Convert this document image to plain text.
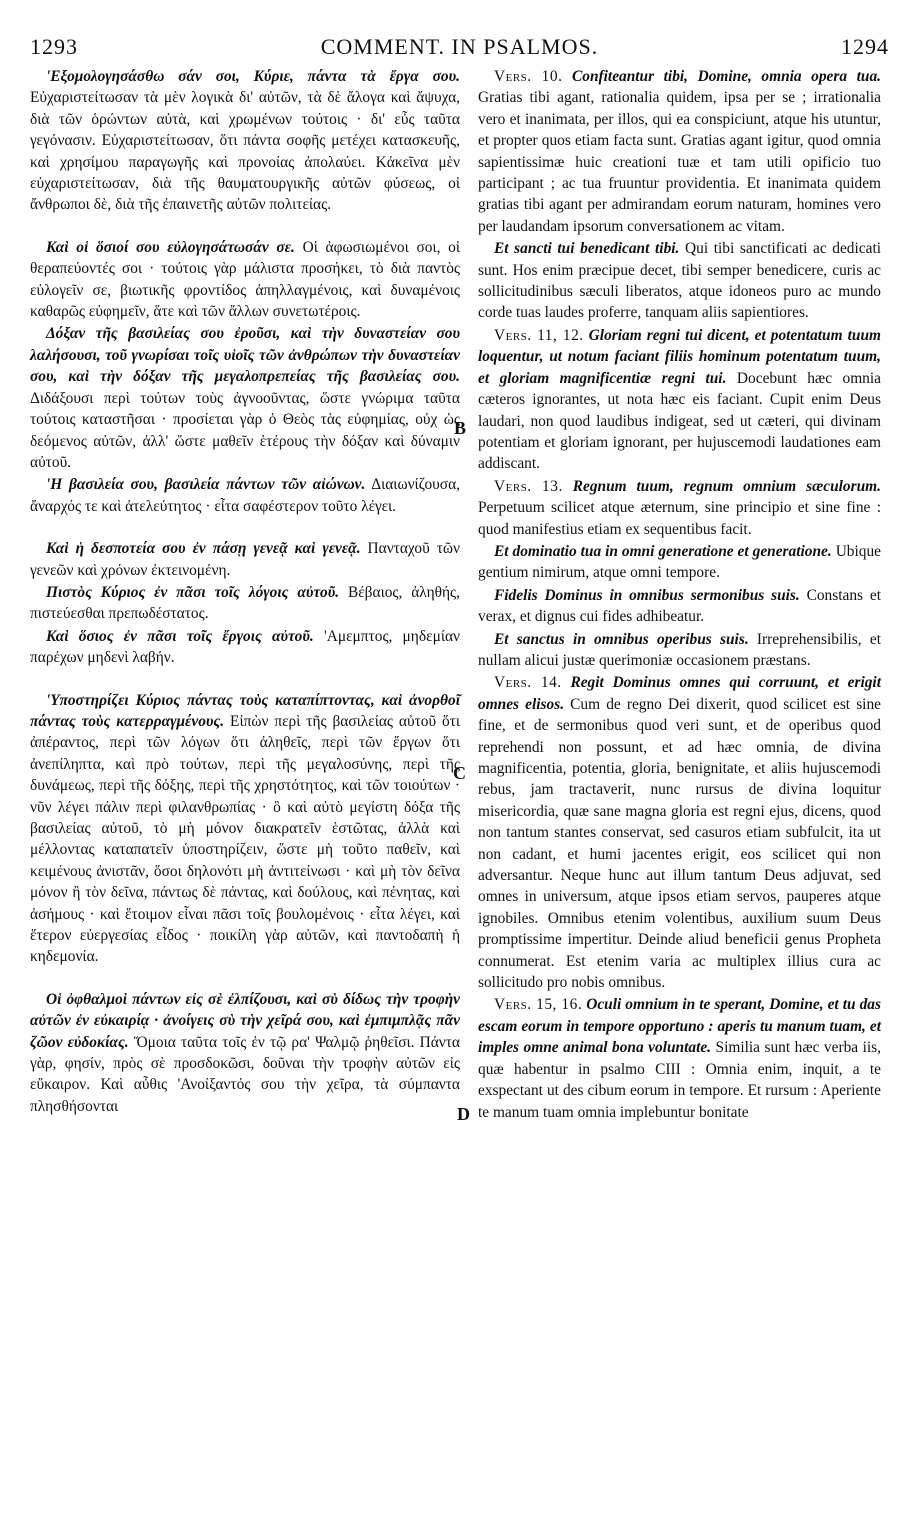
1293	COMMENT. IN PSALMOS.	1294

'Εξομολογησάσθω σάν σοι, Κύριε, πάντα τὰ ἔργα σου. Εὐχαριστείτωσαν τὰ μὲν λογικὰ δι' αὐτῶν, τὰ δὲ ἄλογα καὶ ἄψυχα, διὰ τῶν ὁρώντων αὐτὰ, καὶ χρωμένων τούτοις · δι' εὖς ταῦτα γεγόνασιν. Εὐχαριστείτωσαν, ὅτι πάντα σοφῆς μετέχει κατασκευῆς, καὶ χρησίμου παραγωγῆς καὶ προνοίας ἀπολαύει. Κἀκεῖνα μὲν εὐχαριστείτωσαν, διὰ τῆς θαυματουργικῆς αὐτῶν φύσεως, οἱ ἄνθρωποι δὲ, διὰ τῆς ἐπαινετῆς αὐτῶν πολιτείας.

Καὶ οἱ ὅσιοί σου εὐλογησάτωσάν σε. Οἱ ἀφωσιωμένοι σοι, οἱ θεραπεύοντές σοι · τούτοις γὰρ μάλιστα προσήκει, τὸ διὰ παντὸς εὐλογεῖν σε, βιωτικῆς φροντίδος ἀπηλλαγμένοις, καὶ δυναμένοις καθαρῶς εὐφημεῖν, ἅτε καὶ τῶν ἄλλων συνετωτέροις.

Δόξαν τῆς βασιλείας σου ἐροῦσι, καὶ τὴν δυναστείαν σου λαλήσουσι, τοῦ γνωρίσαι τοῖς υἱοῖς τῶν ἀνθρώπων τὴν δυναστείαν σου, καὶ τὴν δόξαν τῆς μεγαλοπρεπείας τῆς βασιλείας σου. Διδάξουσι περὶ τούτων τοὺς ἀγνοοῦντας, ὥστε γνώριμα ταῦτα τούτοις καταστῆσαι · προσίεται γὰρ ὁ Θεὸς τὰς εὐφημίας, οὐχ ὡς δεόμενος αὐτῶν, ἀλλ' ὥστε μαθεῖν ἑτέρους τὴν δόξαν καὶ δύναμιν αὐτοῦ.

'Η βασιλεία σου, βασιλεία πάντων τῶν αἰώνων. Διαιωνίζουσα, ἄναρχός τε καὶ ἀτελεύτητος · εἶτα σαφέστερον τοῦτο λέγει.

Καὶ ἡ δεσποτεία σου ἐν πάσῃ γενεᾷ καὶ γενεᾷ. Πανταχοῦ τῶν γενεῶν καὶ χρόνων ἐκτεινομένη.

Πιστὸς Κύριος ἐν πᾶσι τοῖς λόγοις αὐτοῦ. Βέβαιος, ἀληθής, πιστεύεσθαι πρεπωδέστατος.

Καὶ ὅσιος ἐν πᾶσι τοῖς ἔργοις αὐτοῦ. 'Αμεμπτος, μηδεμίαν παρέχων μηδενὶ λαβήν.

'Υποστηρίζει Κύριος πάντας τοὺς καταπίπτοντας, καὶ ἀνορθοῖ πάντας τοὺς κατερραγμένους. Εἰπὼν περὶ τῆς βασιλείας αὐτοῦ ὅτι ἀπέραντος, περὶ τῶν λόγων ὅτι ἀληθεῖς, περὶ τῶν ἔργων ὅτι ἀνεπίληπτα, καὶ πρὸ τούτων, περὶ τῆς μεγαλοσύνης, περὶ τῆς δυνάμεως, περὶ τῆς δόξης, περὶ τῆς χρηστότητος, καὶ τῶν τοιούτων · νῦν λέγει πάλιν περὶ φιλανθρωπίας · ὃ καὶ αὐτὸ μεγίστη δόξα τῆς βασιλείας αὐτοῦ, τὸ μὴ μόνον διακρατεῖν ἑστῶτας, ἀλλὰ καὶ μέλλοντας καταπατεῖν ὑποστηρίζειν, ὥστε μὴ τοῦτο παθεῖν, καὶ κειμένους ἀνιστᾶν, ὅσοι δηλονότι μὴ ἀντιτείνωσι · καὶ μὴ τὸν δεῖνα μόνον ἢ τὸν δεῖνα, πάντως δὲ πάντας, καὶ δούλους, καὶ πένητας, καὶ ἀσήμους · καὶ ἕτοιμον εἶναι πᾶσι τοῖς βουλομένοις · εἶτα λέγει, καὶ ἕτερον εὐεργεσίας εἶδος · ποικίλη γὰρ αὐτῶν, καὶ παντοδαπὴ ἡ κηδεμονία.

Οἱ ὀφθαλμοὶ πάντων εἰς σὲ ἐλπίζουσι, καὶ σὺ δίδως τὴν τροφὴν αὐτῶν ἐν εὐκαιρίᾳ · ἀνοίγεις σὺ τὴν χεῖρά σου, καὶ ἐμπιμπλᾷς πᾶν ζῶον εὐδοκίας. Ὅμοια ταῦτα τοῖς ἐν τῷ ρα' Ψαλμῷ ῥηθεῖσι. Πάντα γὰρ, φησίν, πρὸς σὲ προσδοκῶσι, δοῦναι τὴν τροφὴν αὐτῶν εἰς εὔκαιρον. Καὶ αὖθις 'Ανοίξαντός σου τὴν χεῖρα, τὰ σύμπαντα πλησθήσονται

B
C
D

Vers. 10. Confiteantur tibi, Domine, omnia opera tua. Gratias tibi agant, rationalia quidem, ipsa per se ; irrationalia vero et inanimata, per illos, qui ea conspiciunt, atque his utuntur, et propter quos etiam facta sunt. Gratias agant igitur, quod omnia sapientissimæ huic creationi tuæ et tam utili opificio tuo participant ; ac tua fruuntur providentia. Et inanimata quidem gratias tibi agant per admirandam eorum naturam, homines vero per laudandam ipsorum conversationem ac vitam.

Et sancti tui benedicant tibi. Qui tibi sanctificati ac dedicati sunt. Hos enim præcipue decet, tibi semper benedicere, curis ac sollicitudinibus sæculi liberatos, atque idoneos puro ac mundo corde tuas laudes proferre, tanquam aliis sapientiores.

Vers. 11, 12. Gloriam regni tui dicent, et potentatum tuum loquentur, ut notum faciant filiis hominum potentatum tuum, et gloriam magnificentiæ regni tui. Docebunt hæc omnia cæteros ignorantes, ut nota hæc eis faciant. Cupit enim Deus laudari, non quod laudibus indigeat, sed ut cæteri, qui divinam potentiam et gloriam ignorant, per hujuscemodi laudationes eam addiscant.

Vers. 13. Regnum tuum, regnum omnium sæculorum. Perpetuum scilicet atque æternum, sine principio et sine fine : quod manifestius etiam ex sequentibus facit.

Et dominatio tua in omni generatione et generatione. Ubique gentium nimirum, atque omni tempore.

Fidelis Dominus in omnibus sermonibus suis. Constans et verax, et dignus cui fides adhibeatur.

Et sanctus in omnibus operibus suis. Irreprehensibilis, et nullam alicui justæ querimoniæ occasionem præstans.

Vers. 14. Regit Dominus omnes qui corruunt, et erigit omnes elisos. Cum de regno Dei dixerit, quod scilicet est sine fine, et de sermonibus quod veri sunt, et de operibus quod reprehendi non possunt, et ad hæc omnia, de divina magnificentia, potentia, gloria, benignitate, et aliis hujuscemodi rebus, jam tractaverit, nunc rursus de divina loquitur misericordia, quæ sane magna gloria est regni ejus, dicens, quod non tantum stantes conservat, sed casuros etiam subfulcit, ita ut non cadant, et humi jacentes erigit, eos scilicet qui non adversantur. Neque hunc aut illum tantum Deus adjuvat, sed omnes in universum, atque ipsos etiam servos, pauperes atque ignobiles. Omnibus etenim volentibus, auxilium suum Deus promptissime impertitur. Deinde aliud beneficii genus Propheta connumerat. Est etenim varia ac multiplex illius cura ac sollicitudo pro nobis omnibus.

Vers. 15, 16. Oculi omnium in te sperant, Domine, et tu das escam eorum in tempore opportuno : aperis tu manum tuam, et imples omne animal bona voluntate. Similia sunt hæc verba iis, quæ habentur in psalmo CIII : Omnia enim, inquit, a te exspectant ut des cibum eorum in tempore. Et rursum : Aperiente te manum tuam omnia implebuntur bonitate
